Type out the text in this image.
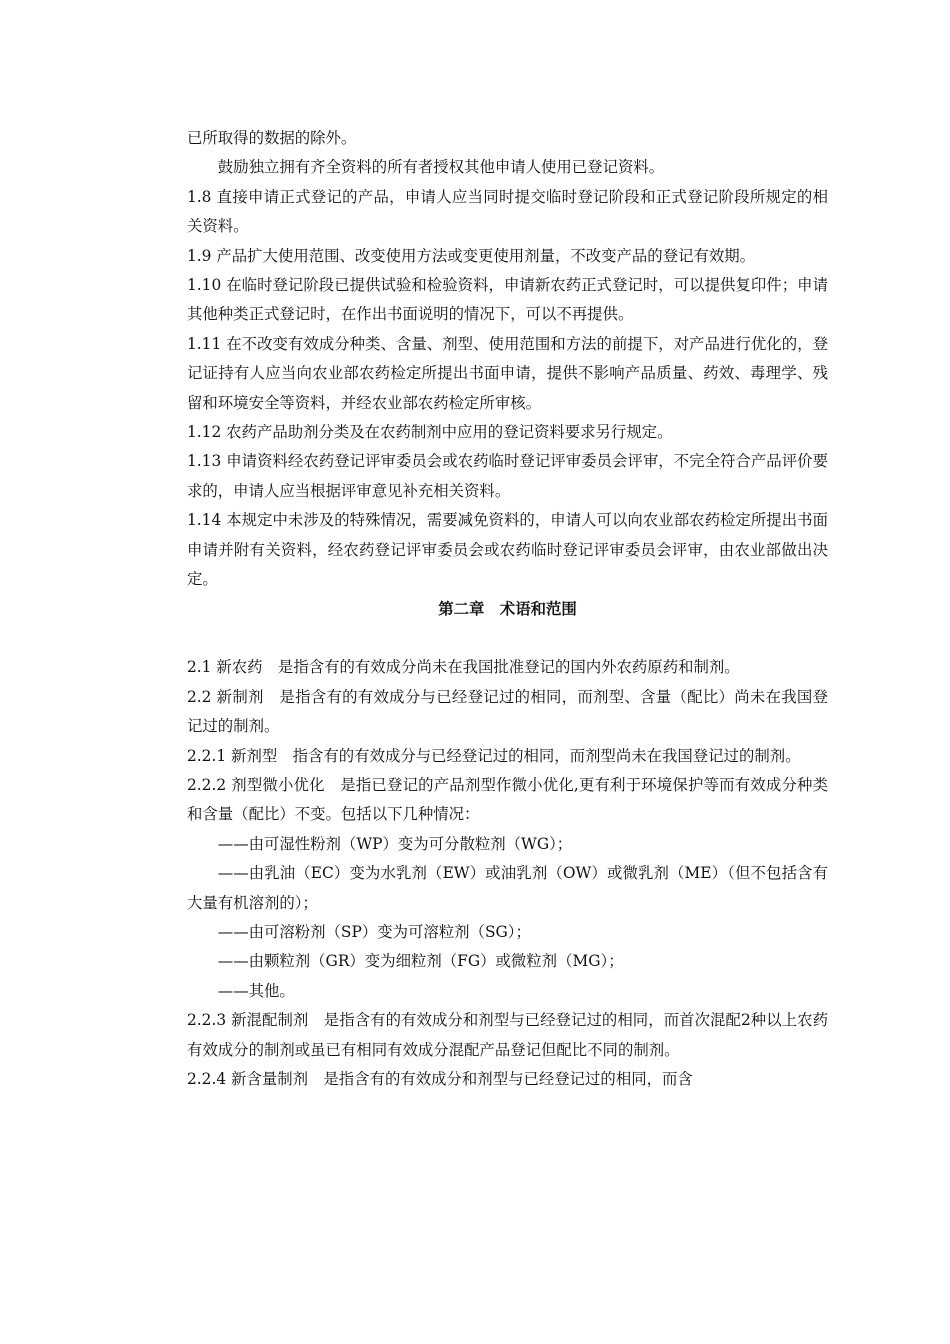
已所取得的数据的除外。

鼓励独立拥有齐全资料的所有者授权其他申请人使用已登记资料。

1.8 直接申请正式登记的产品，申请人应当同时提交临时登记阶段和正式登记阶段所规定的相关资料。

1.9 产品扩大使用范围、改变使用方法或变更使用剂量，不改变产品的登记有效期。

1.10 在临时登记阶段已提供试验和检验资料，申请新农药正式登记时，可以提供复印件；申请其他种类正式登记时，在作出书面说明的情况下，可以不再提供。

1.11 在不改变有效成分种类、含量、剂型、使用范围和方法的前提下，对产品进行优化的，登记证持有人应当向农业部农药检定所提出书面申请，提供不影响产品质量、药效、毒理学、残留和环境安全等资料，并经农业部农药检定所审核。

1.12 农药产品助剂分类及在农药制剂中应用的登记资料要求另行规定。

1.13 申请资料经农药登记评审委员会或农药临时登记评审委员会评审，不完全符合产品评价要求的，申请人应当根据评审意见补充相关资料。

1.14 本规定中未涉及的特殊情况，需要减免资料的，申请人可以向农业部农药检定所提出书面申请并附有关资料，经农药登记评审委员会或农药临时登记评审委员会评审，由农业部做出决定。

第二章　术语和范围

2.1 新农药　是指含有的有效成分尚未在我国批准登记的国内外农药原药和制剂。

2.2 新制剂　是指含有的有效成分与已经登记过的相同，而剂型、含量（配比）尚未在我国登记过的制剂。

2.2.1 新剂型　指含有的有效成分与已经登记过的相同，而剂型尚未在我国登记过的制剂。

2.2.2 剂型微小优化　是指已登记的产品剂型作微小优化,更有利于环境保护等而有效成分种类和含量（配比）不变。包括以下几种情况：

——由可湿性粉剂（WP）变为可分散粒剂（WG）；

——由乳油（EC）变为水乳剂（EW）或油乳剂（OW）或微乳剂（ME）（但不包括含有大量有机溶剂的）；

——由可溶粉剂（SP）变为可溶粒剂（SG）；

——由颗粒剂（GR）变为细粒剂（FG）或微粒剂（MG）；

——其他。

2.2.3 新混配制剂　是指含有的有效成分和剂型与已经登记过的相同，而首次混配2种以上农药有效成分的制剂或虽已有相同有效成分混配产品登记但配比不同的制剂。

2.2.4 新含量制剂　是指含有的有效成分和剂型与已经登记过的相同，而含
